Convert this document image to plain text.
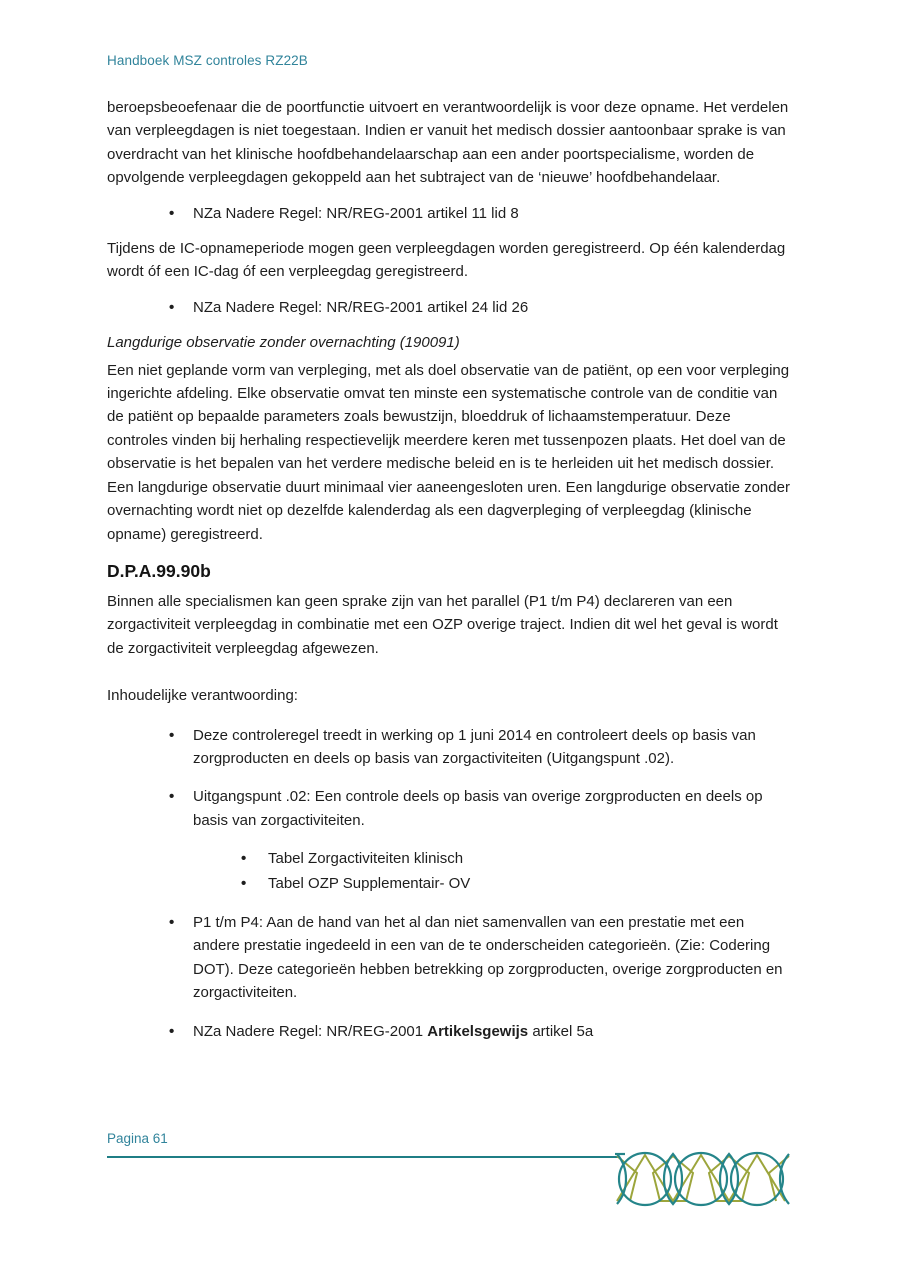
Handboek MSZ controles RZ22B

beroepsbeoefenaar die de poortfunctie uitvoert en verantwoordelijk is voor deze opname. Het verdelen van verpleegdagen is niet toegestaan. Indien er vanuit het medisch dossier aantoonbaar sprake is van overdracht van het klinische hoofdbehandelaarschap aan een ander poortspecialisme, worden de opvolgende verpleegdagen gekoppeld aan het subtraject van de ‘nieuwe’ hoofdbehandelaar.

• NZa Nadere Regel: NR/REG-2001 artikel 11 lid 8

Tijdens de IC-opnameperiode mogen geen verpleegdagen worden geregistreerd. Op één kalenderdag wordt óf een IC-dag óf een verpleegdag geregistreerd.

• NZa Nadere Regel: NR/REG-2001 artikel 24 lid 26

Langdurige observatie zonder overnachting (190091)

Een niet geplande vorm van verpleging, met als doel observatie van de patiënt, op een voor verpleging ingerichte afdeling. Elke observatie omvat ten minste een systematische controle van de conditie van de patiënt op bepaalde parameters zoals bewustzijn, bloeddruk of lichaamstemperatuur. Deze controles vinden bij herhaling respectievelijk meerdere keren met tussenpozen plaats. Het doel van de observatie is het bepalen van het verdere medische beleid en is te herleiden uit het medisch dossier. Een langdurige observatie duurt minimaal vier aaneengesloten uren. Een langdurige observatie zonder overnachting wordt niet op dezelfde kalenderdag als een dagverpleging of verpleegdag (klinische opname) geregistreerd.

D.P.A.99.90b

Binnen alle specialismen kan geen sprake zijn van het parallel (P1 t/m P4) declareren van een zorgactiviteit verpleegdag in combinatie met een OZP overige traject. Indien dit wel het geval is wordt de zorgactiviteit verpleegdag afgewezen.

Inhoudelijke verantwoording:

• Deze controleregel treedt in werking op 1 juni 2014 en controleert deels op basis van zorgproducten en deels op basis van zorgactiviteiten (Uitgangspunt .02).
• Uitgangspunt .02: Een controle deels op basis van overige zorgproducten en deels op basis van zorgactiviteiten.
• Tabel Zorgactiviteiten klinisch
• Tabel OZP Supplementair- OV
• P1 t/m P4: Aan de hand van het al dan niet samenvallen van een prestatie met een andere prestatie ingedeeld in een van de te onderscheiden categorieën. (Zie: Codering DOT). Deze categorieën hebben betrekking op zorgproducten, overige zorgproducten en zorgactiviteiten.
• NZa Nadere Regel: NR/REG-2001 Artikelsgewijs artikel 5a
Pagina 61
